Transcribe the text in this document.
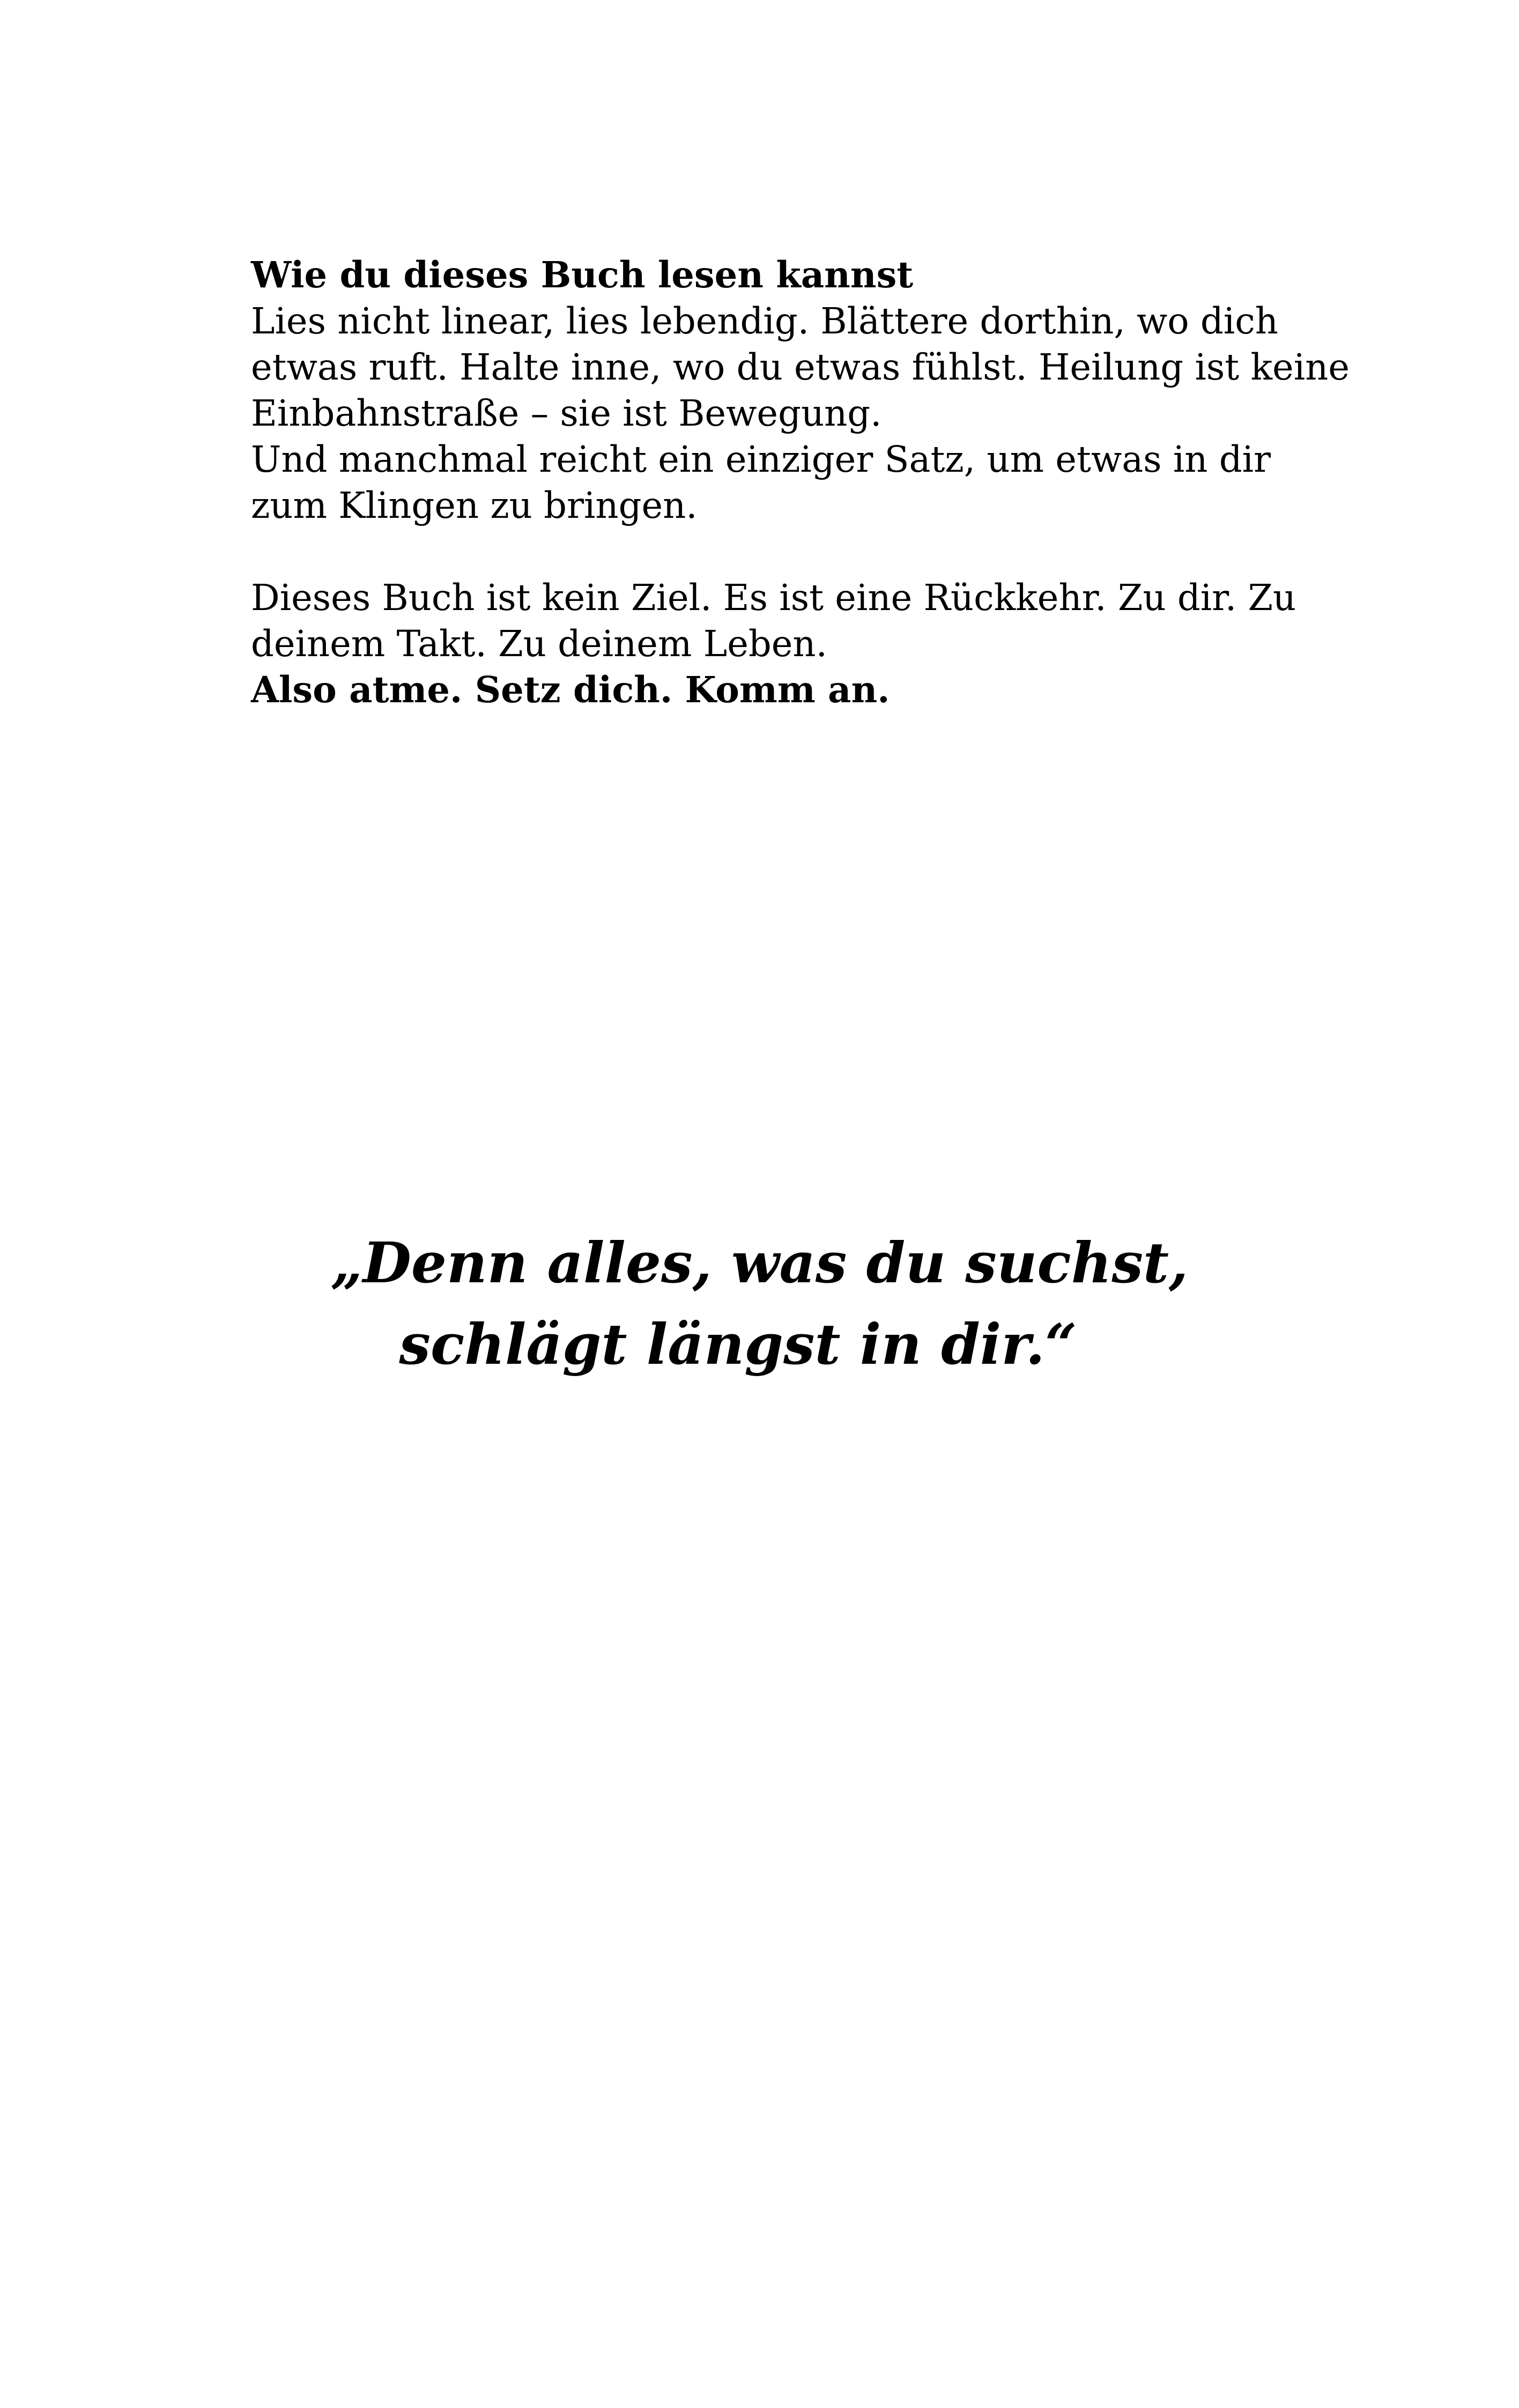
Wie du dieses Buch lesen kannst
Lies nicht linear, lies lebendig. Blättere dorthin, wo dich
etwas ruft. Halte inne, wo du etwas fühlst. Heilung ist keine
Einbahnstraße – sie ist Bewegung.
Und manchmal reicht ein einziger Satz, um etwas in dir
zum Klingen zu bringen.
Dieses Buch ist kein Ziel. Es ist eine Rückkehr. Zu dir. Zu
deinem Takt. Zu deinem Leben.
Also atme. Setz dich. Komm an.
„Denn alles, was du suchst,
schlägt längst in dir.“
